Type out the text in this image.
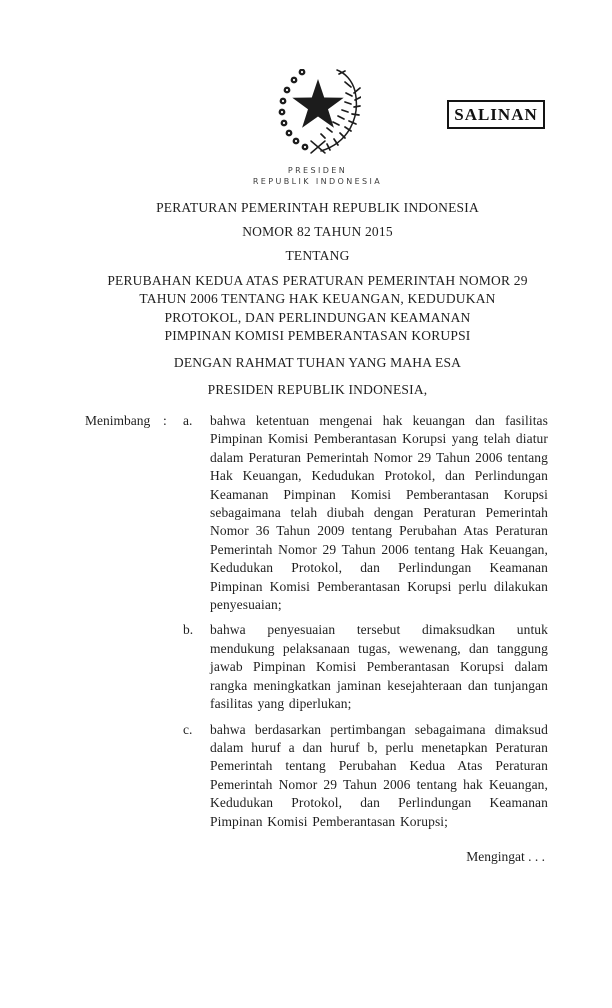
SALINAN
PRESIDEN
REPUBLIK INDONESIA
PERATURAN PEMERINTAH REPUBLIK INDONESIA
NOMOR 82 TAHUN 2015
TENTANG
PERUBAHAN KEDUA ATAS PERATURAN PEMERINTAH NOMOR 29
TAHUN 2006 TENTANG HAK KEUANGAN, KEDUDUKAN
PROTOKOL, DAN PERLINDUNGAN KEAMANAN
PIMPINAN KOMISI PEMBERANTASAN KORUPSI
DENGAN RAHMAT TUHAN YANG MAHA ESA
PRESIDEN REPUBLIK INDONESIA,
Menimbang :	a.	bahwa ketentuan mengenai hak keuangan dan fasilitas Pimpinan Komisi Pemberantasan Korupsi yang telah diatur dalam Peraturan Pemerintah Nomor 29 Tahun 2006 tentang Hak Keuangan, Kedudukan Protokol, dan Perlindungan Keamanan Pimpinan Komisi Pemberantasan Korupsi sebagaimana telah diubah dengan Peraturan Pemerintah Nomor 36 Tahun 2009 tentang Perubahan Atas Peraturan Pemerintah Nomor 29 Tahun 2006 tentang Hak Keuangan, Kedudukan Protokol, dan Perlindungan Keamanan Pimpinan Komisi Pemberantasan Korupsi perlu dilakukan penyesuaian;
b.	bahwa penyesuaian tersebut dimaksudkan untuk mendukung pelaksanaan tugas, wewenang, dan tanggung jawab Pimpinan Komisi Pemberantasan Korupsi dalam rangka meningkatkan jaminan kesejahteraan dan tunjangan fasilitas yang diperlukan;
c.	bahwa berdasarkan pertimbangan sebagaimana dimaksud dalam huruf a dan huruf b, perlu menetapkan Peraturan Pemerintah tentang Perubahan Kedua Atas Peraturan Pemerintah Nomor 29 Tahun 2006 tentang hak Keuangan, Kedudukan Protokol, dan Perlindungan Keamanan Pimpinan Komisi Pemberantasan Korupsi;
Mengingat . . .
